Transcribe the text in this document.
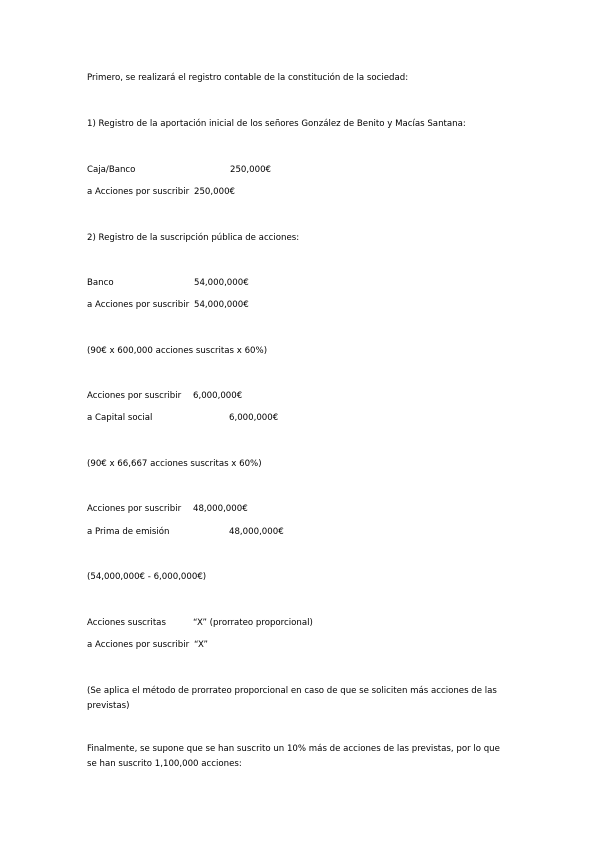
Primero, se realizará el registro contable de la constitución de la sociedad:
1) Registro de la aportación inicial de los señores González de Benito y Macías Santana:
Caja/Banco	250,000€
a Acciones por suscribir 250,000€
2) Registro de la suscripción pública de acciones:
Banco	54,000,000€
a Acciones por suscribir 54,000,000€
(90€ x 600,000 acciones suscritas x 60%)
Acciones por suscribir 6,000,000€
a Capital social	6,000,000€
(90€ x 66,667 acciones suscritas x 60%)
Acciones por suscribir 48,000,000€
a Prima de emisión	48,000,000€
(54,000,000€ - 6,000,000€)
Acciones suscritas	“X” (prorrateo proporcional)
a Acciones por suscribir “X”
(Se aplica el método de prorrateo proporcional en caso de que se soliciten más acciones de las
previstas)
Finalmente, se supone que se han suscrito un 10% más de acciones de las previstas, por lo que
se han suscrito 1,100,000 acciones:
